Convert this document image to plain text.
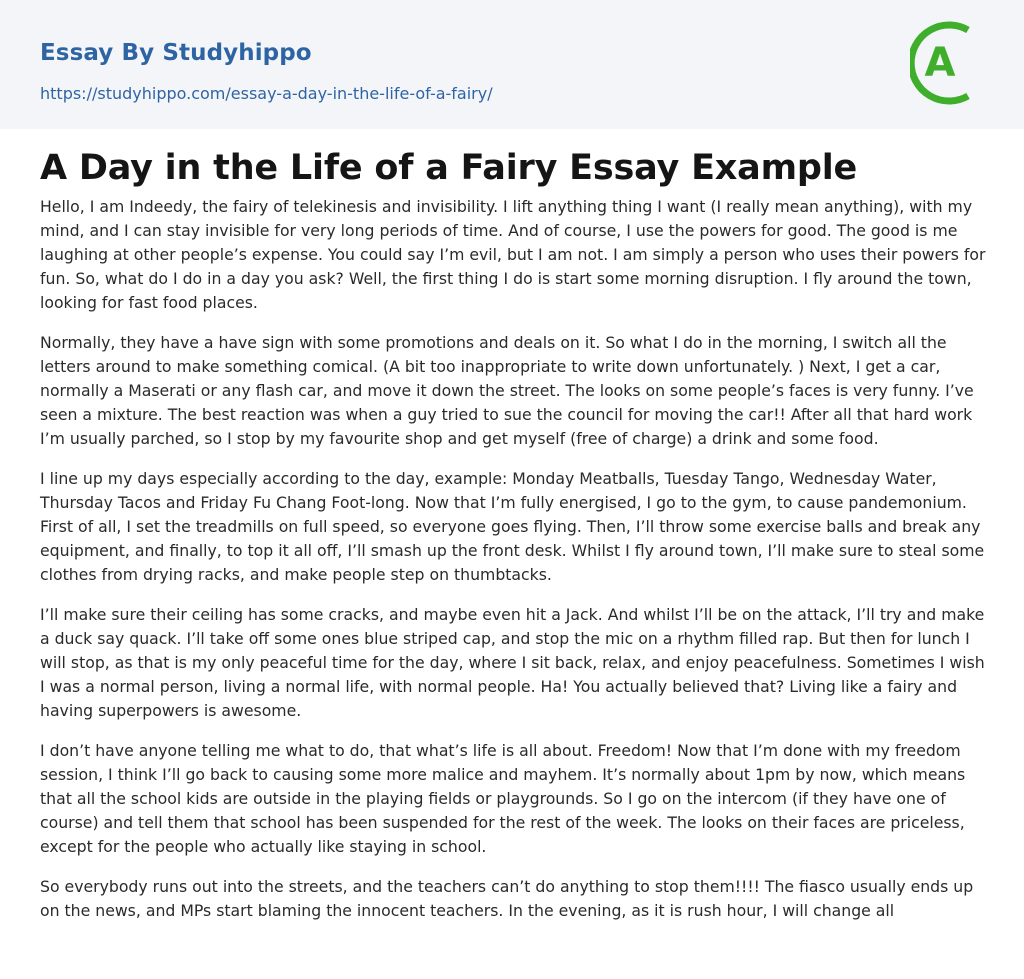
Essay By Studyhippo
https://studyhippo.com/essay-a-day-in-the-life-of-a-fairy/
A
A Day in the Life of a Fairy Essay Example

Hello, I am Indeedy, the fairy of telekinesis and invisibility. I lift anything thing I want (I really mean anything), with my mind, and I can stay invisible for very long periods of time. And of course, I use the powers for good. The good is me laughing at other people’s expense. You could say I’m evil, but I am not. I am simply a person who uses their powers for fun. So, what do I do in a day you ask? Well, the first thing I do is start some morning disruption. I fly around the town, looking for fast food places.

Normally, they have a have sign with some promotions and deals on it. So what I do in the morning, I switch all the letters around to make something comical. (A bit too inappropriate to write down unfortunately. ) Next, I get a car, normally a Maserati or any flash car, and move it down the street. The looks on some people’s faces is very funny. I’ve seen a mixture. The best reaction was when a guy tried to sue the council for moving the car!! After all that hard work I’m usually parched, so I stop by my favourite shop and get myself (free of charge) a drink and some food.

I line up my days especially according to the day, example: Monday Meatballs, Tuesday Tango, Wednesday Water, Thursday Tacos and Friday Fu Chang Foot-long. Now that I’m fully energised, I go to the gym, to cause pandemonium. First of all, I set the treadmills on full speed, so everyone goes flying. Then, I’ll throw some exercise balls and break any equipment, and finally, to top it all off, I’ll smash up the front desk. Whilst I fly around town, I’ll make sure to steal some clothes from drying racks, and make people step on thumbtacks.

I’ll make sure their ceiling has some cracks, and maybe even hit a Jack. And whilst I’ll be on the attack, I’ll try and make a duck say quack. I’ll take off some ones blue striped cap, and stop the mic on a rhythm filled rap. But then for lunch I will stop, as that is my only peaceful time for the day, where I sit back, relax, and enjoy peacefulness. Sometimes I wish I was a normal person, living a normal life, with normal people. Ha! You actually believed that? Living like a fairy and having superpowers is awesome.

I don’t have anyone telling me what to do, that what’s life is all about. Freedom! Now that I’m done with my freedom session, I think I’ll go back to causing some more malice and mayhem. It’s normally about 1pm by now, which means that all the school kids are outside in the playing fields or playgrounds. So I go on the intercom (if they have one of course) and tell them that school has been suspended for the rest of the week. The looks on their faces are priceless, except for the people who actually like staying in school.

So everybody runs out into the streets, and the teachers can’t do anything to stop them!!!! The fiasco usually ends up on the news, and MPs start blaming the innocent teachers. In the evening, as it is rush hour, I will change all
